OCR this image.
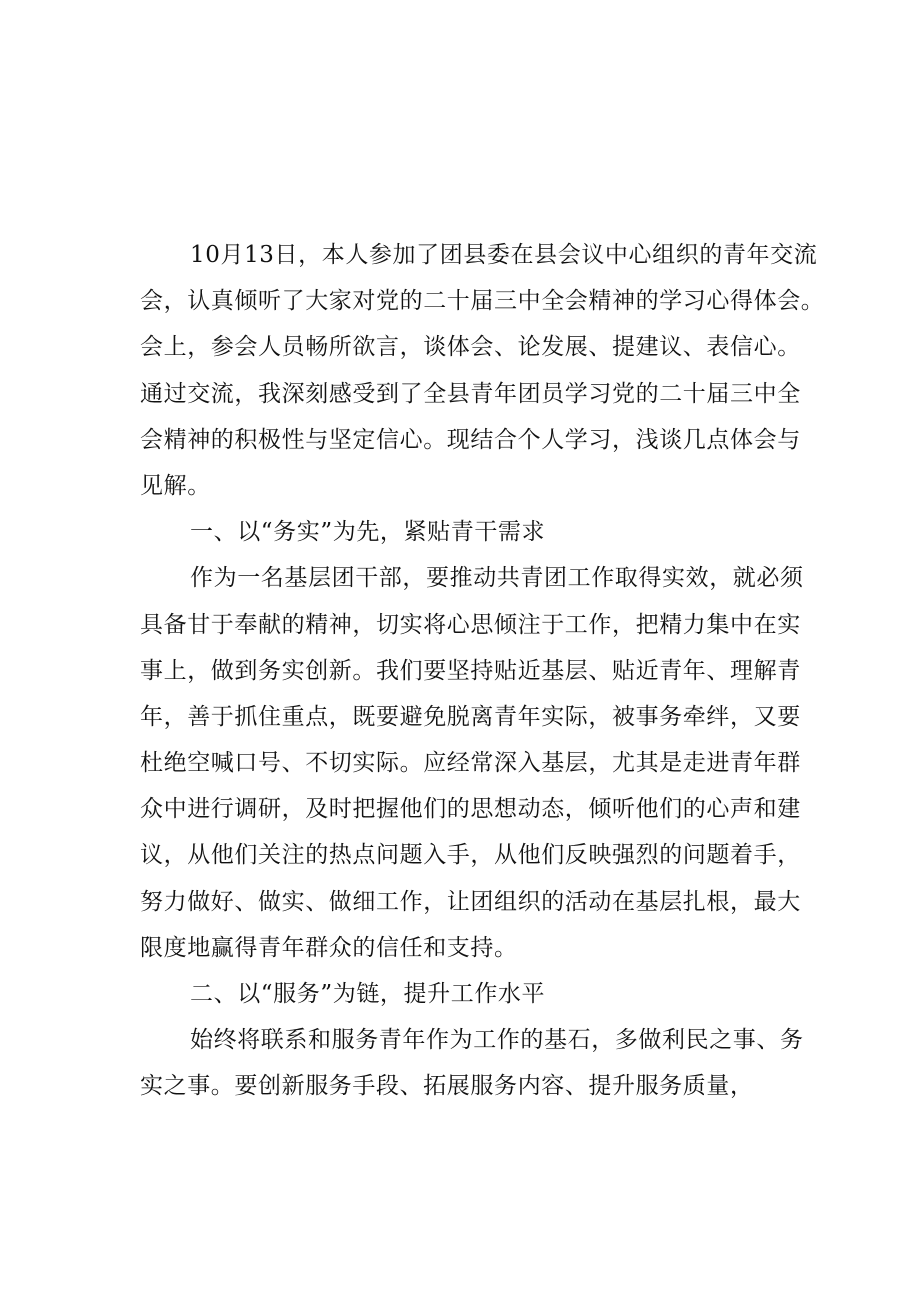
10月13日，本人参加了团县委在县会议中心组织的青年交流
会，认真倾听了大家对党的二十届三中全会精神的学习心得体会。
会上，参会人员畅所欲言，谈体会、论发展、提建议、表信心。
通过交流，我深刻感受到了全县青年团员学习党的二十届三中全
会精神的积极性与坚定信心。现结合个人学习，浅谈几点体会与
见解。
一、以“务实”为先，紧贴青干需求
作为一名基层团干部，要推动共青团工作取得实效，就必须
具备甘于奉献的精神，切实将心思倾注于工作，把精力集中在实
事上，做到务实创新。我们要坚持贴近基层、贴近青年、理解青
年，善于抓住重点，既要避免脱离青年实际，被事务牵绊，又要
杜绝空喊口号、不切实际。应经常深入基层，尤其是走进青年群
众中进行调研，及时把握他们的思想动态，倾听他们的心声和建
议，从他们关注的热点问题入手，从他们反映强烈的问题着手，
努力做好、做实、做细工作，让团组织的活动在基层扎根，最大
限度地赢得青年群众的信任和支持。
二、以“服务”为链，提升工作水平
始终将联系和服务青年作为工作的基石，多做利民之事、务
实之事。要创新服务手段、拓展服务内容、提升服务质量，
